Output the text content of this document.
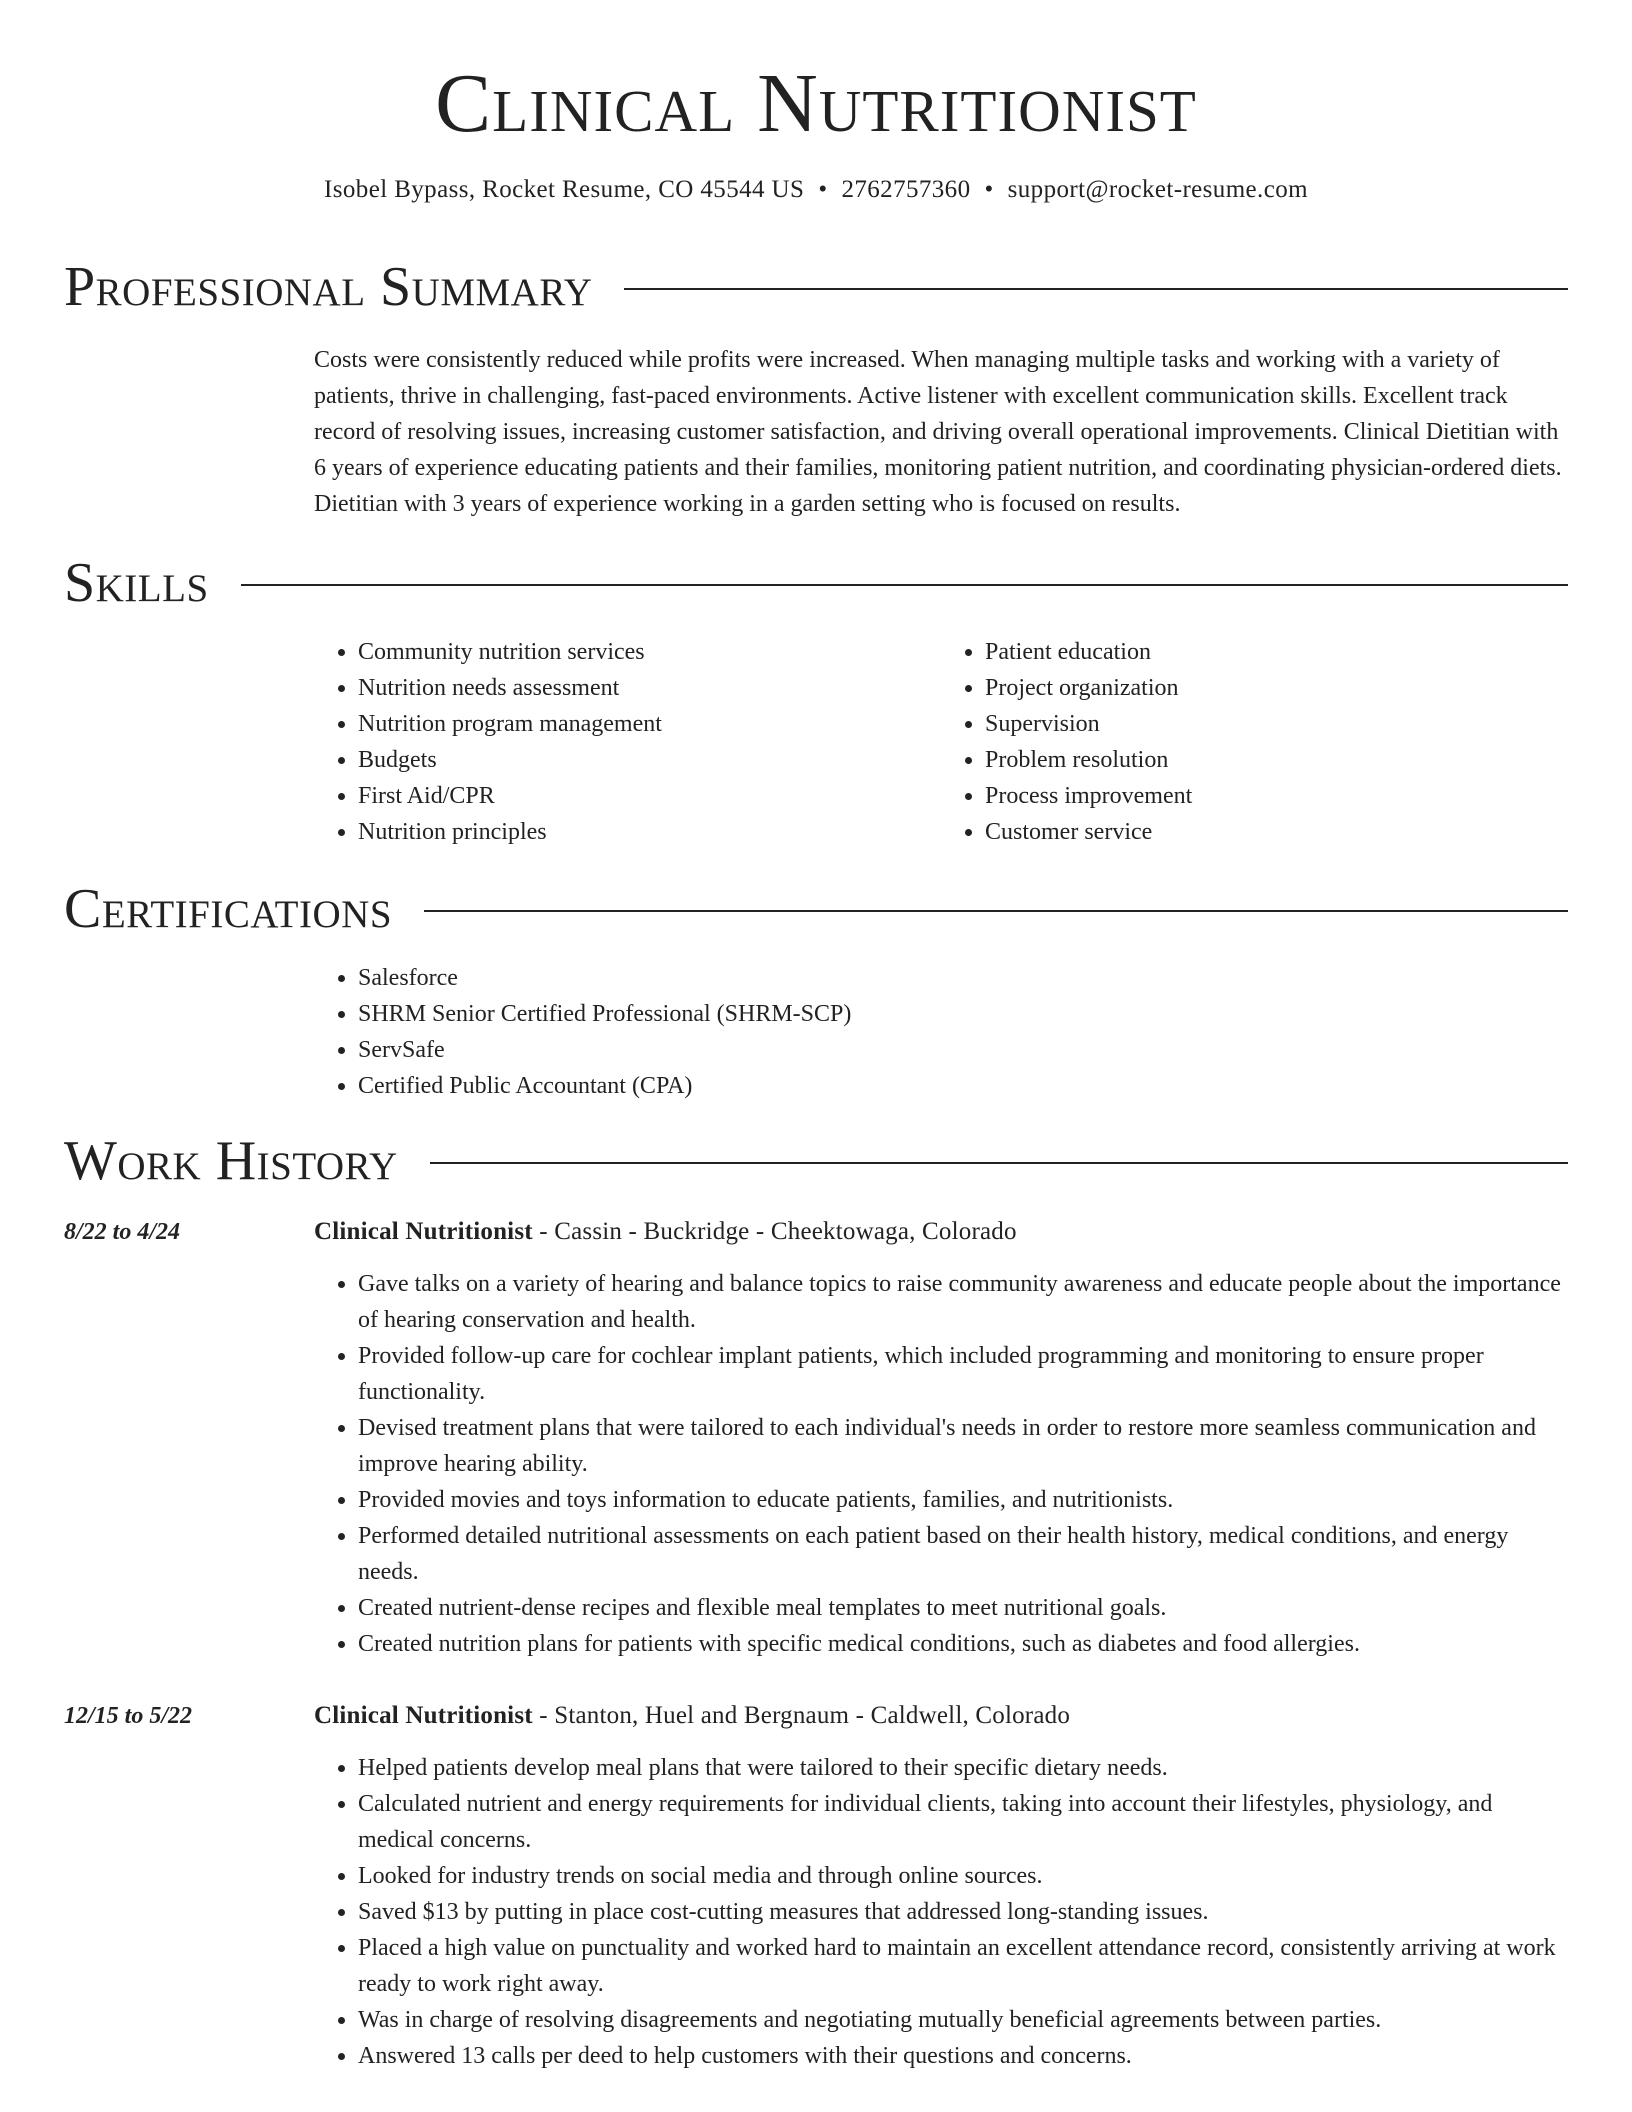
Clinical Nutritionist
Isobel Bypass, Rocket Resume, CO 45544 US • 2762757360 • support@rocket-resume.com
Professional Summary
Costs were consistently reduced while profits were increased. When managing multiple tasks and working with a variety of patients, thrive in challenging, fast-paced environments. Active listener with excellent communication skills. Excellent track record of resolving issues, increasing customer satisfaction, and driving overall operational improvements. Clinical Dietitian with 6 years of experience educating patients and their families, monitoring patient nutrition, and coordinating physician-ordered diets. Dietitian with 3 years of experience working in a garden setting who is focused on results.
Skills
• Community nutrition services
• Nutrition needs assessment
• Nutrition program management
• Budgets
• First Aid/CPR
• Nutrition principles
• Patient education
• Project organization
• Supervision
• Problem resolution
• Process improvement
• Customer service
Certifications
• Salesforce
• SHRM Senior Certified Professional (SHRM-SCP)
• ServSafe
• Certified Public Accountant (CPA)
Work History
8/22 to 4/24	Clinical Nutritionist - Cassin - Buckridge - Cheektowaga, Colorado
• Gave talks on a variety of hearing and balance topics to raise community awareness and educate people about the importance of hearing conservation and health.
• Provided follow-up care for cochlear implant patients, which included programming and monitoring to ensure proper functionality.
• Devised treatment plans that were tailored to each individual's needs in order to restore more seamless communication and improve hearing ability.
• Provided movies and toys information to educate patients, families, and nutritionists.
• Performed detailed nutritional assessments on each patient based on their health history, medical conditions, and energy needs.
• Created nutrient-dense recipes and flexible meal templates to meet nutritional goals.
• Created nutrition plans for patients with specific medical conditions, such as diabetes and food allergies.
12/15 to 5/22	Clinical Nutritionist - Stanton, Huel and Bergnaum - Caldwell, Colorado
• Helped patients develop meal plans that were tailored to their specific dietary needs.
• Calculated nutrient and energy requirements for individual clients, taking into account their lifestyles, physiology, and medical concerns.
• Looked for industry trends on social media and through online sources.
• Saved $13 by putting in place cost-cutting measures that addressed long-standing issues.
• Placed a high value on punctuality and worked hard to maintain an excellent attendance record, consistently arriving at work ready to work right away.
• Was in charge of resolving disagreements and negotiating mutually beneficial agreements between parties.
• Answered 13 calls per deed to help customers with their questions and concerns.
